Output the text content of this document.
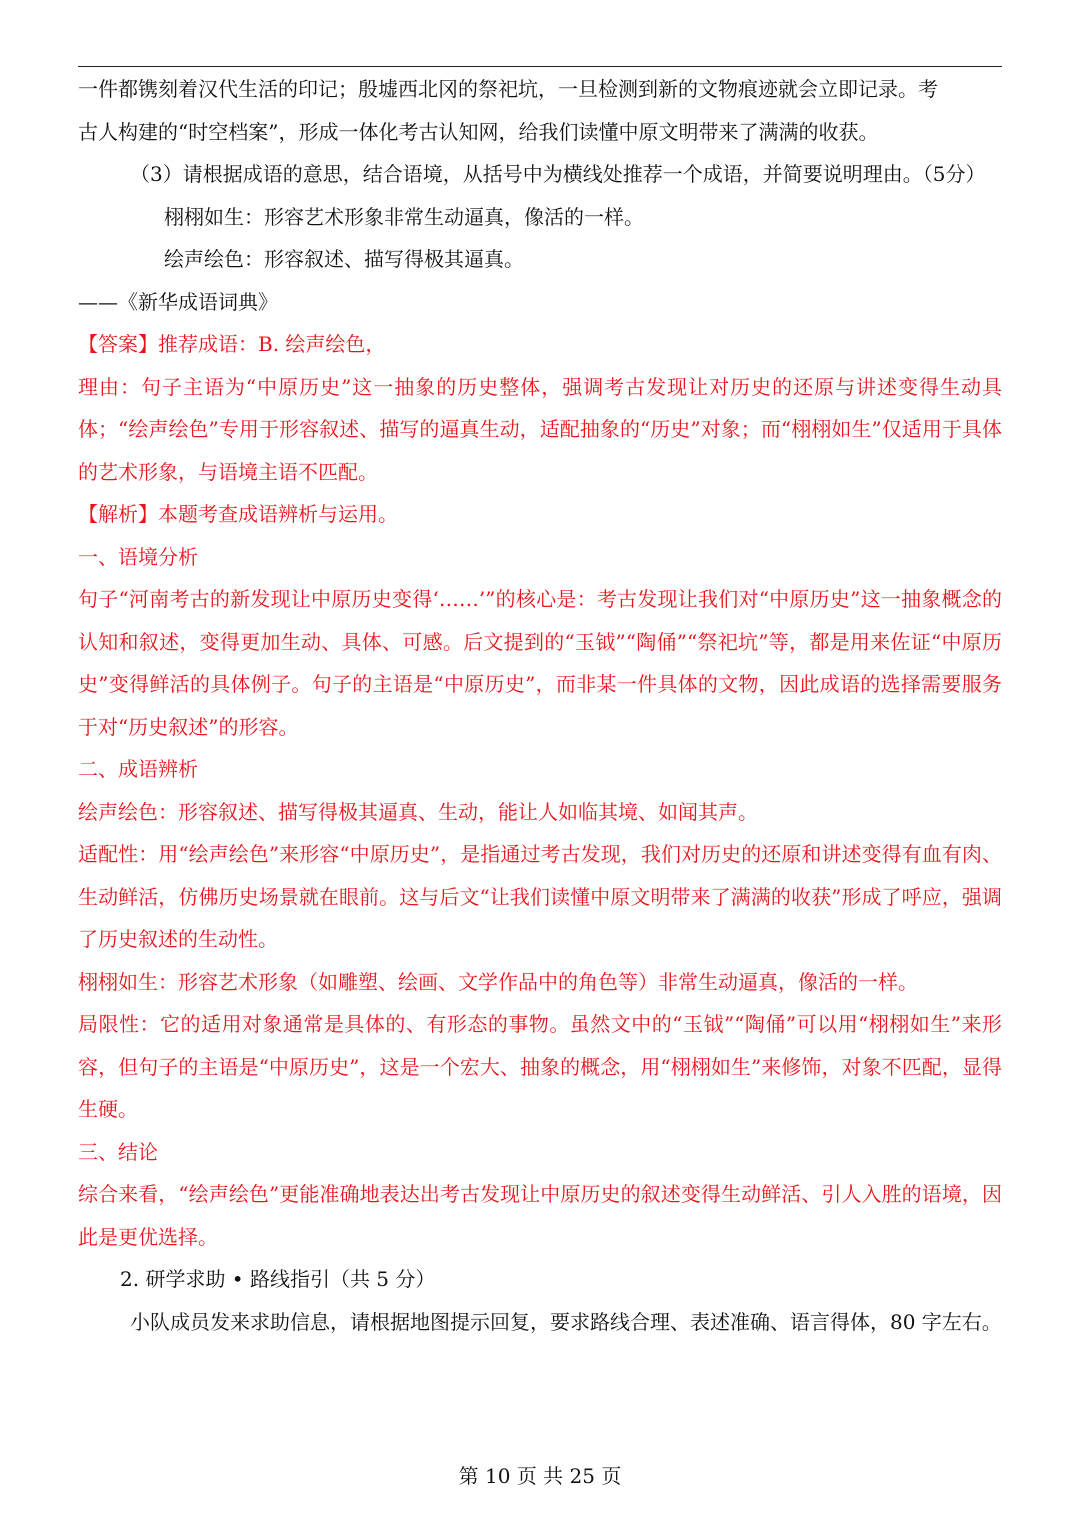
一件都镌刻着汉代生活的印记；殷墟西北冈的祭祀坑，一旦检测到新的文物痕迹就会立即记录。考

古人构建的“时空档案”，形成一体化考古认知网，给我们读懂中原文明带来了满满的收获。

（3）请根据成语的意思，结合语境，从括号中为横线处推荐一个成语，并简要说明理由。（5分）

栩栩如生：形容艺术形象非常生动逼真，像活的一样。

绘声绘色：形容叙述、描写得极其逼真。

——《新华成语词典》

【答案】推荐成语：B. 绘声绘色，

理由：句子主语为“中原历史”这一抽象的历史整体，强调考古发现让对历史的还原与讲述变得生动具体；“绘声绘色”专用于形容叙述、描写的逼真生动，适配抽象的“历史”对象；而“栩栩如生”仅适用于具体的艺术形象，与语境主语不匹配。

【解析】本题考查成语辨析与运用。

一、语境分析

句子“河南考古的新发现让中原历史变得‘……’”的核心是：考古发现让我们对“中原历史”这一抽象概念的认知和叙述，变得更加生动、具体、可感。后文提到的“玉钺”“陶俑”“祭祀坑”等，都是用来佐证“中原历史”变得鲜活的具体例子。句子的主语是“中原历史”，而非某一件具体的文物，因此成语的选择需要服务于对“历史叙述”的形容。

二、成语辨析

绘声绘色：形容叙述、描写得极其逼真、生动，能让人如临其境、如闻其声。

适配性：用“绘声绘色”来形容“中原历史”，是指通过考古发现，我们对历史的还原和讲述变得有血有肉、生动鲜活，仿佛历史场景就在眼前。这与后文“让我们读懂中原文明带来了满满的收获”形成了呼应，强调了历史叙述的生动性。

栩栩如生：形容艺术形象（如雕塑、绘画、文学作品中的角色等）非常生动逼真，像活的一样。

局限性：它的适用对象通常是具体的、有形态的事物。虽然文中的“玉钺”“陶俑”可以用“栩栩如生”来形容，但句子的主语是“中原历史”，这是一个宏大、抽象的概念，用“栩栩如生”来修饰，对象不匹配，显得生硬。

三、结论

综合来看，“绘声绘色”更能准确地表达出考古发现让中原历史的叙述变得生动鲜活、引人入胜的语境，因此是更优选择。

2. 研学求助 • 路线指引（共 5 分）

小队成员发来求助信息，请根据地图提示回复，要求路线合理、表述准确、语言得体，80 字左右。

第 10 页 共 25 页
